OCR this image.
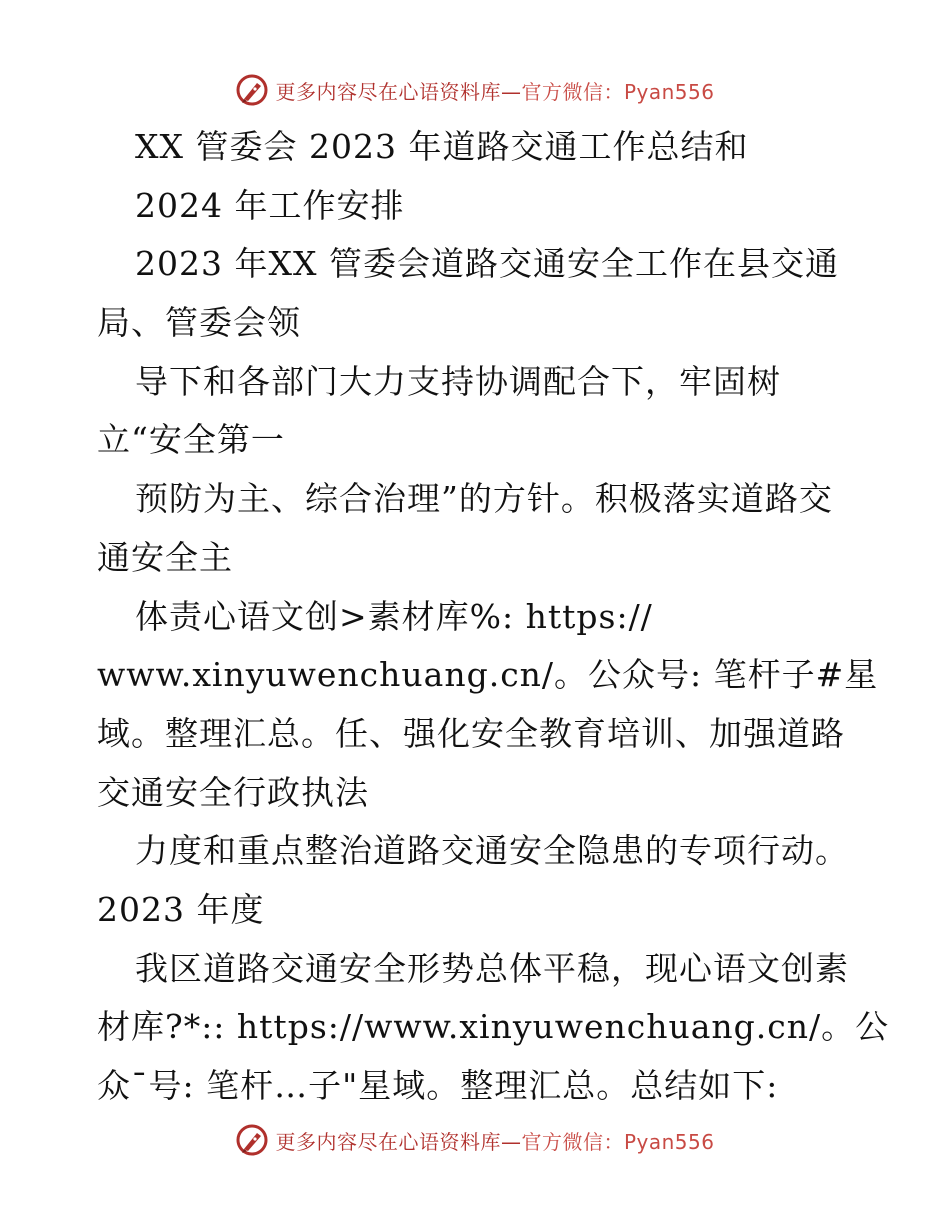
更多内容尽在心语资料库—官方微信：Pyan556
XX 管委会 2023 年道路交通工作总结和
2024 年工作安排
2023 年XX 管委会道路交通安全工作在县交通
局、管委会领
导下和各部门大力支持协调配合下，牢固树
立“安全第一
预防为主、综合治理”的方针。积极落实道路交
通安全主
体责心语文创>素材库%: https://
www.xinyuwenchuang.cn/。公众号: 笔杆子#星
域。整理汇总。任、强化安全教育培训、加强道路
交通安全行政执法
力度和重点整治道路交通安全隐患的专项行动。
2023 年度
我区道路交通安全形势总体平稳，现心语文创素
材库?*:: https://www.xinyuwenchuang.cn/。公
众¯号: 笔杆…子"星域。整理汇总。总结如下:
更多内容尽在心语资料库—官方微信：Pyan556
